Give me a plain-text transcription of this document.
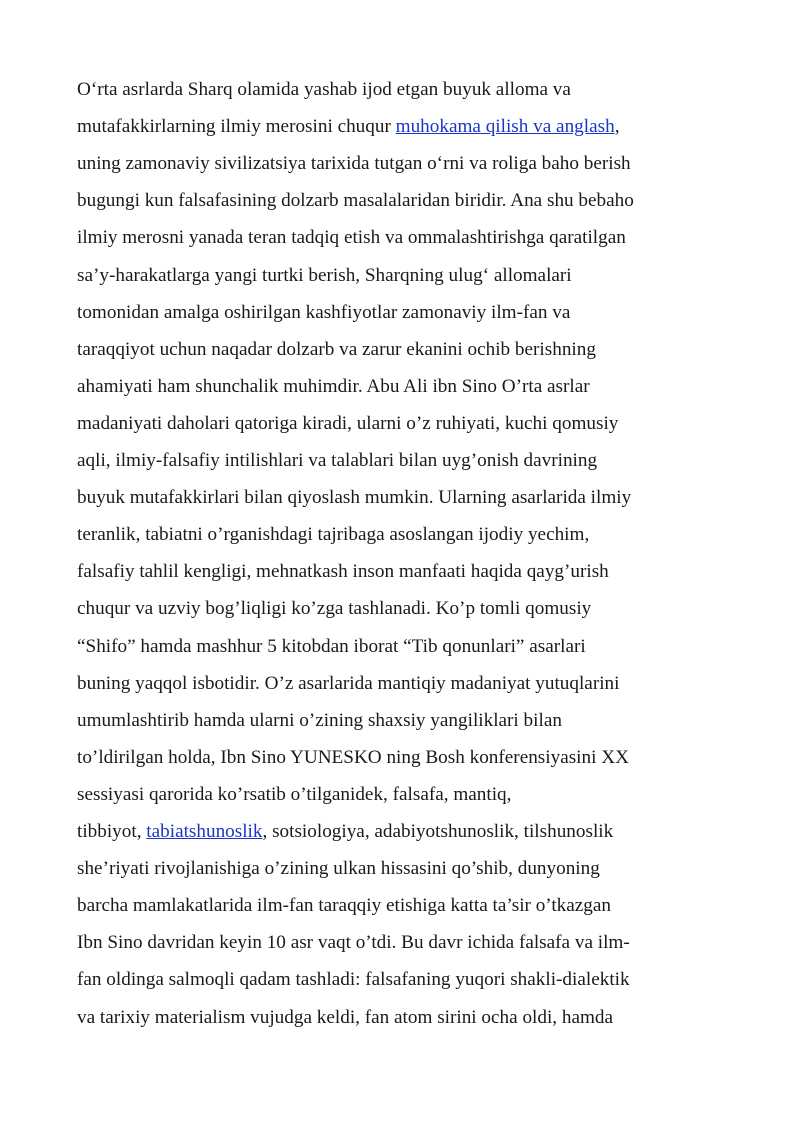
O‘rta asrlarda Sharq olamida yashab ijod etgan buyuk alloma va
mutafakkirlarning ilmiy merosini chuqur muhokama qilish va anglash,
uning zamonaviy sivilizatsiya tarixida tutgan o‘rni va roliga baho berish
bugungi kun falsafasining dolzarb masalalaridan biridir. Ana shu bebaho
ilmiy merosni yanada teran tadqiq etish va ommalashtirishga qaratilgan
sa’y-harakatlarga yangi turtki berish, Sharqning ulug‘ allomalari
tomonidan amalga oshirilgan kashfiyotlar zamonaviy ilm-fan va
taraqqiyot uchun naqadar dolzarb va zarur ekanini ochib berishning
ahamiyati ham shunchalik muhimdir. Abu Ali ibn Sino O’rta asrlar
madaniyati daholari qatoriga kiradi, ularni o’z ruhiyati, kuchi qomusiy
aqli, ilmiy-falsafiy intilishlari va talablari bilan uyg’onish davrining
buyuk mutafakkirlari bilan qiyoslash mumkin. Ularning asarlarida ilmiy
teranlik, tabiatni o’rganishdagi tajribaga asoslangan ijodiy yechim,
falsafiy tahlil kengligi, mehnatkash inson manfaati haqida qayg’urish
chuqur va uzviy bog’liqligi ko’zga tashlanadi. Ko’p tomli qomusiy
“Shifo” hamda mashhur 5 kitobdan iborat “Tib qonunlari” asarlari
buning yaqqol isbotidir. O’z asarlarida mantiqiy madaniyat yutuqlarini
umumlashtirib hamda ularni o’zining shaxsiy yangiliklari bilan
to’ldirilgan holda, Ibn Sino YUNESKO ning Bosh konferensiyasini XX
sessiyasi qarorida ko’rsatib o’tilganidek, falsafa, mantiq,
tibbiyot, tabiatshunoslik, sotsiologiya, adabiyotshunoslik, tilshunoslik
she’riyati rivojlanishiga o’zining ulkan hissasini qo’shib, dunyoning
barcha mamlakatlarida ilm-fan taraqqiy etishiga katta ta’sir o’tkazgan
Ibn Sino davridan keyin 10 asr vaqt o’tdi. Bu davr ichida falsafa va ilm-
fan oldinga salmoqli qadam tashladi: falsafaning yuqori shakli-dialektik
va tarixiy materialism vujudga keldi, fan atom sirini ocha oldi, hamda
